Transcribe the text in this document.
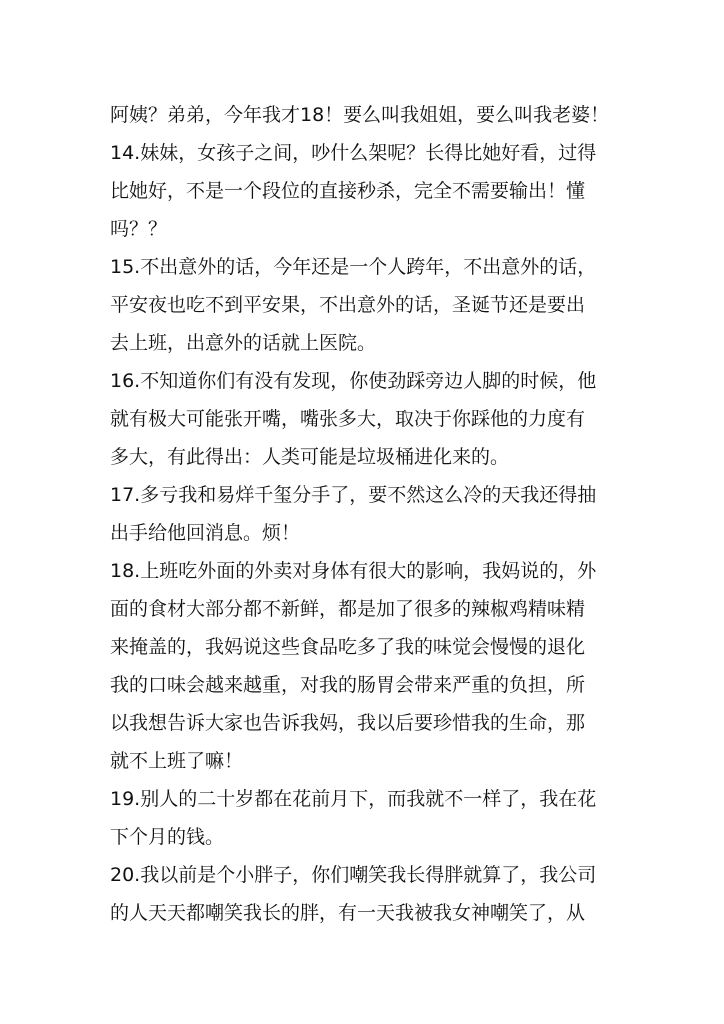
阿姨？弟弟，今年我才18！要么叫我姐姐，要么叫我老婆！
14.妹妹，女孩子之间，吵什么架呢？长得比她好看，过得
比她好，不是一个段位的直接秒杀，完全不需要输出！懂
吗？？
15.不出意外的话，今年还是一个人跨年，不出意外的话，
平安夜也吃不到平安果，不出意外的话，圣诞节还是要出
去上班，出意外的话就上医院。
16.不知道你们有没有发现，你使劲踩旁边人脚的时候，他
就有极大可能张开嘴，嘴张多大，取决于你踩他的力度有
多大，有此得出：人类可能是垃圾桶进化来的。
17.多亏我和易烊千玺分手了，要不然这么冷的天我还得抽
出手给他回消息。烦！
18.上班吃外面的外卖对身体有很大的影响，我妈说的，外
面的食材大部分都不新鲜，都是加了很多的辣椒鸡精味精
来掩盖的，我妈说这些食品吃多了我的味觉会慢慢的退化
我的口味会越来越重，对我的肠胃会带来严重的负担，所
以我想告诉大家也告诉我妈，我以后要珍惜我的生命，那
就不上班了嘛！
19.别人的二十岁都在花前月下，而我就不一样了，我在花
下个月的钱。
20.我以前是个小胖子，你们嘲笑我长得胖就算了，我公司
的人天天都嘲笑我长的胖，有一天我被我女神嘲笑了，从
